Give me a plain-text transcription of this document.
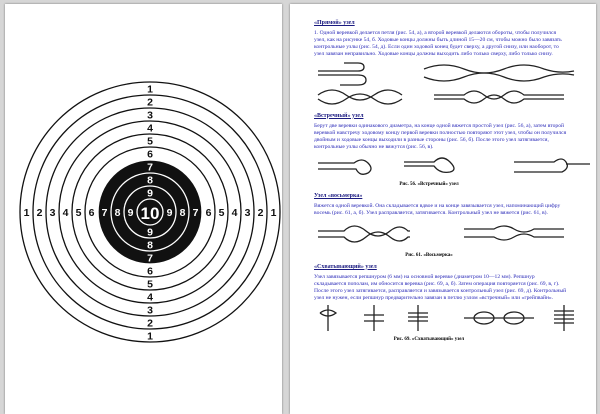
1
1
1	1
2
2
2	2
3
3
3	3
4
4
4	4
5
5
5	5
6
6
6	6
7
7
7	7
8
8
8	8
9
9
9	9
10

«Прямой» узел

1. Одной веревкой делается петля (рис. 54, а), а второй веревкой делаются обороты, чтобы получился

узел, как на рисунке 54, б. Ходовые концы должны быть длиной 15—20 см, чтобы можно было завязать

контрольные узлы (рис. 54, д). Если один ходовой конец будет сверху, а другой снизу, или наоборот, то

узел завязан неправильно. Ходовые концы должны выходить либо только сверху, либо только снизу.

«Встречный» узел

Берут две веревки одинакового диаметра, на конце одной вяжется простой узел (рис. 56, а), затем второй

веревкой навстречу ходовому концу первой веревки полностью повторяют этот узел, чтобы он получился

двойным и ходовые концы выходили в разные стороны (рис. 56, б). После этого узел затягивается,

контрольные узлы обычно не вяжутся (рис. 56, в).

Рис. 56. «Встречный» узел

Узел «восьмерка»

Вяжется одной веревкой. Она складывается вдвое и на конце завязывается узел, напоминающий цифру

восемь (рис. 61, а, б). Узел расправляется, затягивается. Контрольный узел не вяжется (рис. 61, в).

Рис. 61. «Восьмерка»

«Схватывающий» узел

Узел завязывается репшнуром (6 мм) на основной веревке (диаметром 10—12 мм). Репшнур

складывается пополам, им обносится веревка (рис. 69, а, б). Затем операция повторяется (рис. 69, в, г).

После этого узел затягивается, расправляется и завязывается контрольный узел (рис. 69, д). Контрольный

узел не нужен, если репшнур предварительно завязан в петлю узлом «встречный» или «грейпвайн».

Рис. 69. «Схватывающий» узел
